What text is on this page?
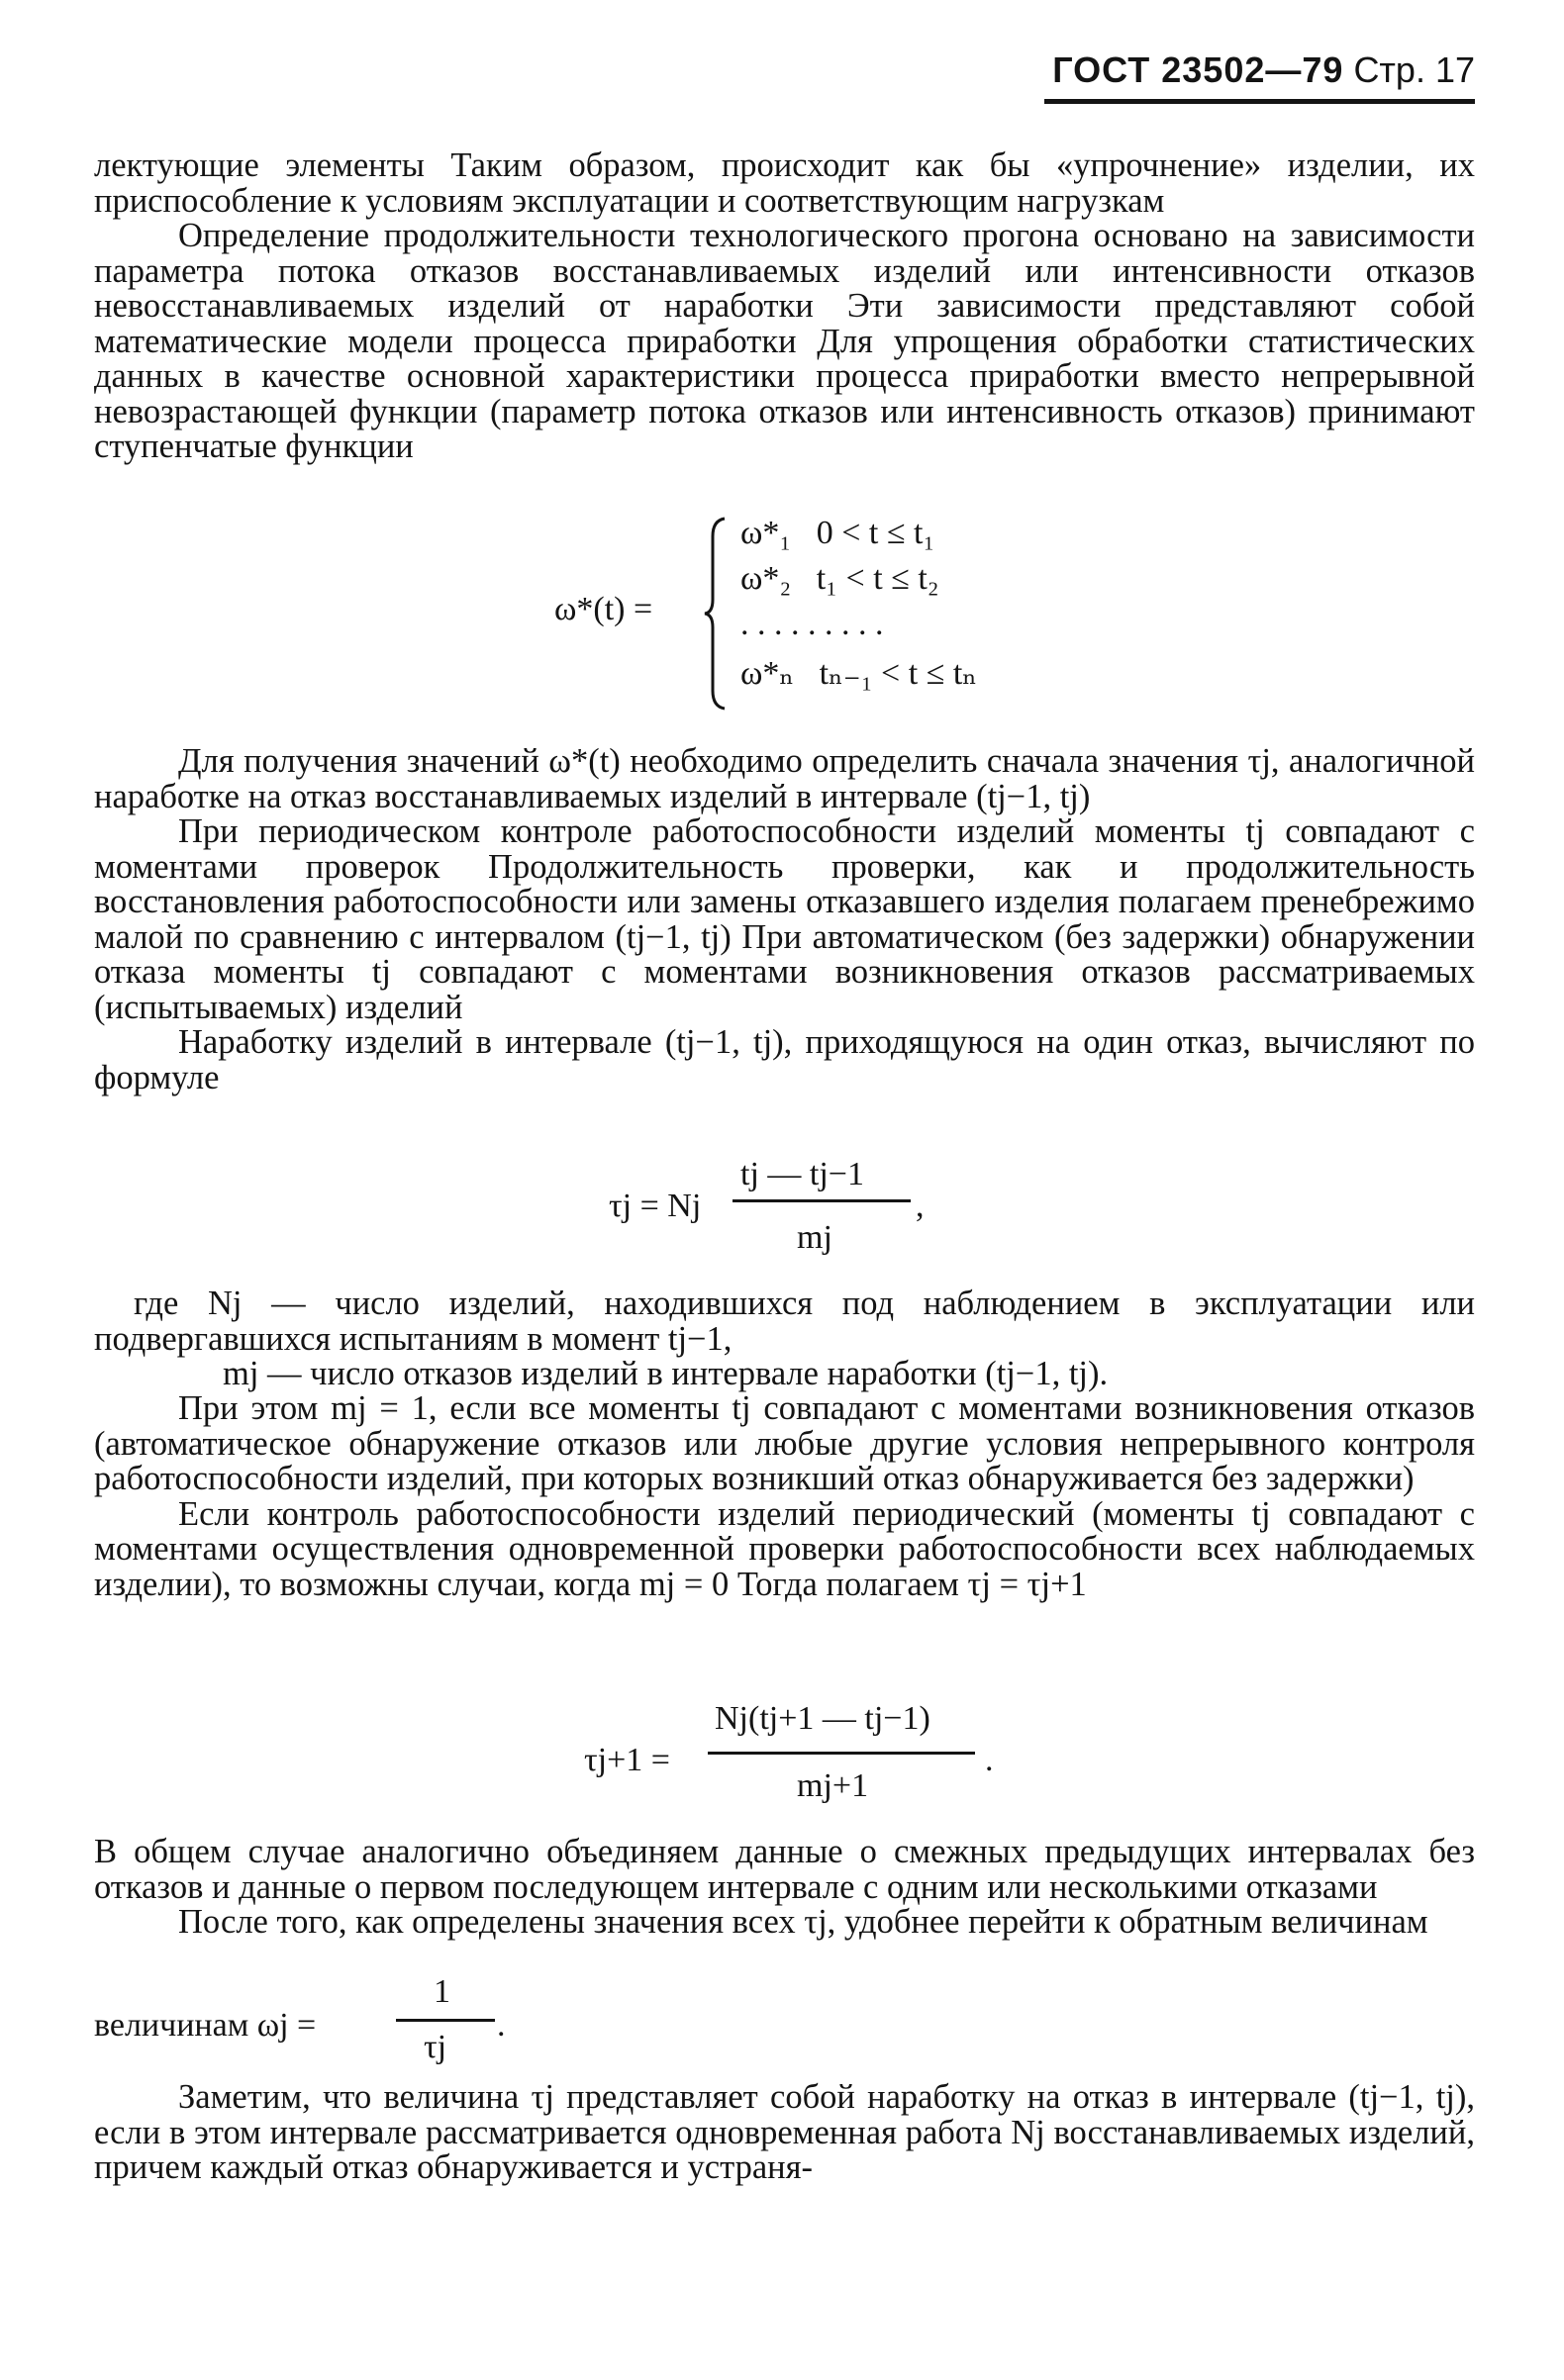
ГОСТ 23502—79 Стр. 17

лектующие элементы Таким образом, происходит как бы «упрочнение» изделии, их приспособление к условиям эксплуатации и соответствующим нагрузкам

Определение продолжительности технологического прогона основано на зависимости параметра потока отказов восстанавливаемых изделий или интенсивности отказов невосстанавливаемых изделий от наработки Эти зависимости представляют собой математические модели процесса приработки Для упрощения обработки статистических данных в качестве основной характеристики процесса приработки вместо непрерывной невозрастающей функции (параметр потока отказов или интенсивность отказов) принимают ступенчатые функции

ω*(t) =
ω*₁ 0 < t ≤ t₁
ω*₂ t₁ < t ≤ t₂
. . . . . . . . .
ω*ₙ tₙ₋₁ < t ≤ tₙ

Для получения значений ω*(t) необходимо определить сначала значения τj, аналогичной наработке на отказ восстанавливаемых изделий в интервале (tj−1, tj)

При периодическом контроле работоспособности изделий моменты tj совпадают с моментами проверок Продолжительность проверки, как и продолжительность восстановления работоспособности или замены отказавшего изделия полагаем пренебрежимо малой по сравнению с интервалом (tj−1, tj) При автоматическом (без задержки) обнаружении отказа моменты tj совпадают с моментами возникновения отказов рассматриваемых (испытываемых) изделий

Наработку изделий в интервале (tj−1, tj), приходящуюся на один отказ, вычисляют по формуле

τj = Nj
tj — tj−1
mj
,

где Nj — число изделий, находившихся под наблюдением в эксплуатации или подвергавшихся испытаниям в момент tj−1,

mj — число отказов изделий в интервале наработки (tj−1, tj).

При этом mj = 1, если все моменты tj совпадают с моментами возникновения отказов (автоматическое обнаружение отказов или любые другие условия непрерывного контроля работоспособности изделий, при которых возникший отказ обнаруживается без задержки)

Если контроль работоспособности изделий периодический (моменты tj совпадают с моментами осуществления одновременной проверки работоспособности всех наблюдаемых изделии), то возможны случаи, когда mj = 0 Тогда полагаем τj = τj+1

τj+1 =
Nj(tj+1 — tj−1)
mj+1
.

В общем случае аналогично объединяем данные о смежных предыдущих интервалах без отказов и данные о первом последующем интервале с одним или несколькими отказами

После того, как определены значения всех τj, удобнее перейти к обратным величинам

величинам ωj =
1
τj
.

Заметим, что величина τj представляет собой наработку на отказ в интервале (tj−1, tj), если в этом интервале рассматривается одновременная работа Nj восстанавливаемых изделий, причем каждый отказ обнаруживается и устраня-
